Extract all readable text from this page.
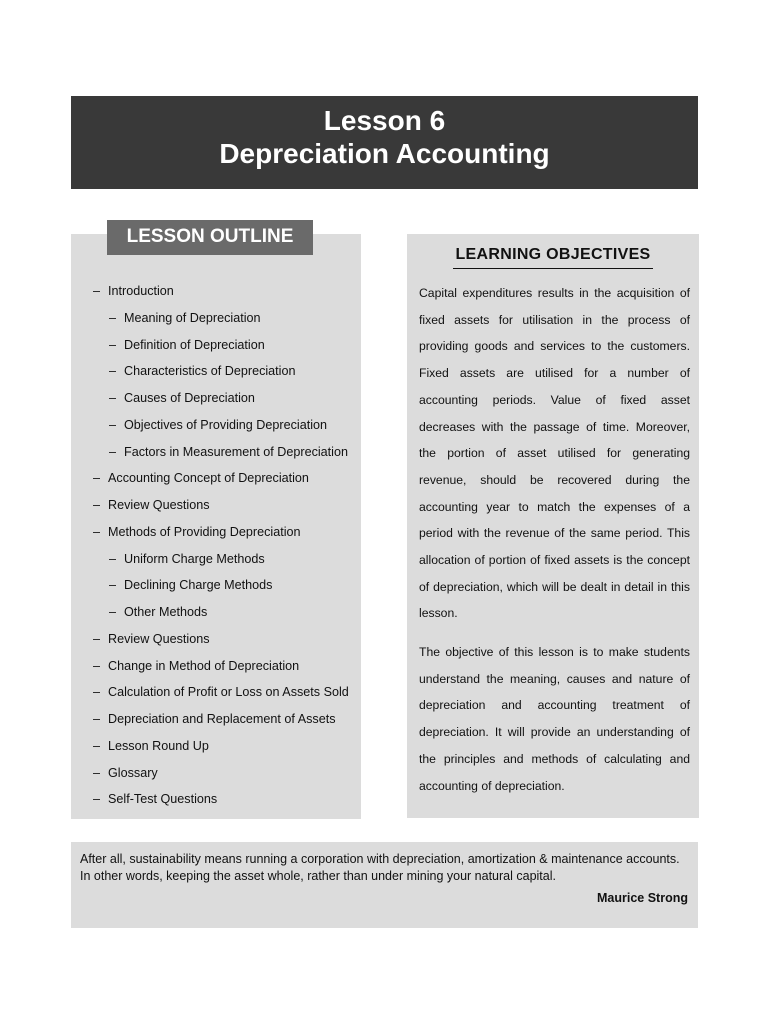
Lesson 6
Depreciation Accounting
– Introduction
– Meaning of Depreciation
– Definition of Depreciation
– Characteristics of Depreciation
– Causes of Depreciation
– Objectives of Providing Depreciation
– Factors in Measurement of Depreciation
– Accounting Concept of Depreciation
– Review Questions
– Methods of Providing Depreciation
– Uniform Charge Methods
– Declining Charge Methods
– Other Methods
– Review Questions
– Change in Method of Depreciation
– Calculation of Profit or Loss on Assets Sold
– Depreciation and Replacement of Assets
– Lesson Round Up
– Glossary
– Self-Test Questions
LESSON OUTLINE
LEARNING OBJECTIVES

Capital expenditures results in the acquisition of fixed assets for utilisation in the process of providing goods and services to the customers. Fixed assets are utilised for a number of accounting periods. Value of fixed asset decreases with the passage of time. Moreover, the portion of asset utilised for generating revenue, should be recovered during the accounting year to match the expenses of a period with the revenue of the same period. This allocation of portion of fixed assets is the concept of depreciation, which will be dealt in detail in this lesson.

The objective of this lesson is to make students understand the meaning, causes and nature of depreciation and accounting treatment of depreciation. It will provide an understanding of the principles and methods of calculating and accounting of depreciation.

After all, sustainability means running a corporation with depreciation, amortization & maintenance accounts. In other words, keeping the asset whole, rather than under mining your natural capital.

Maurice Strong
